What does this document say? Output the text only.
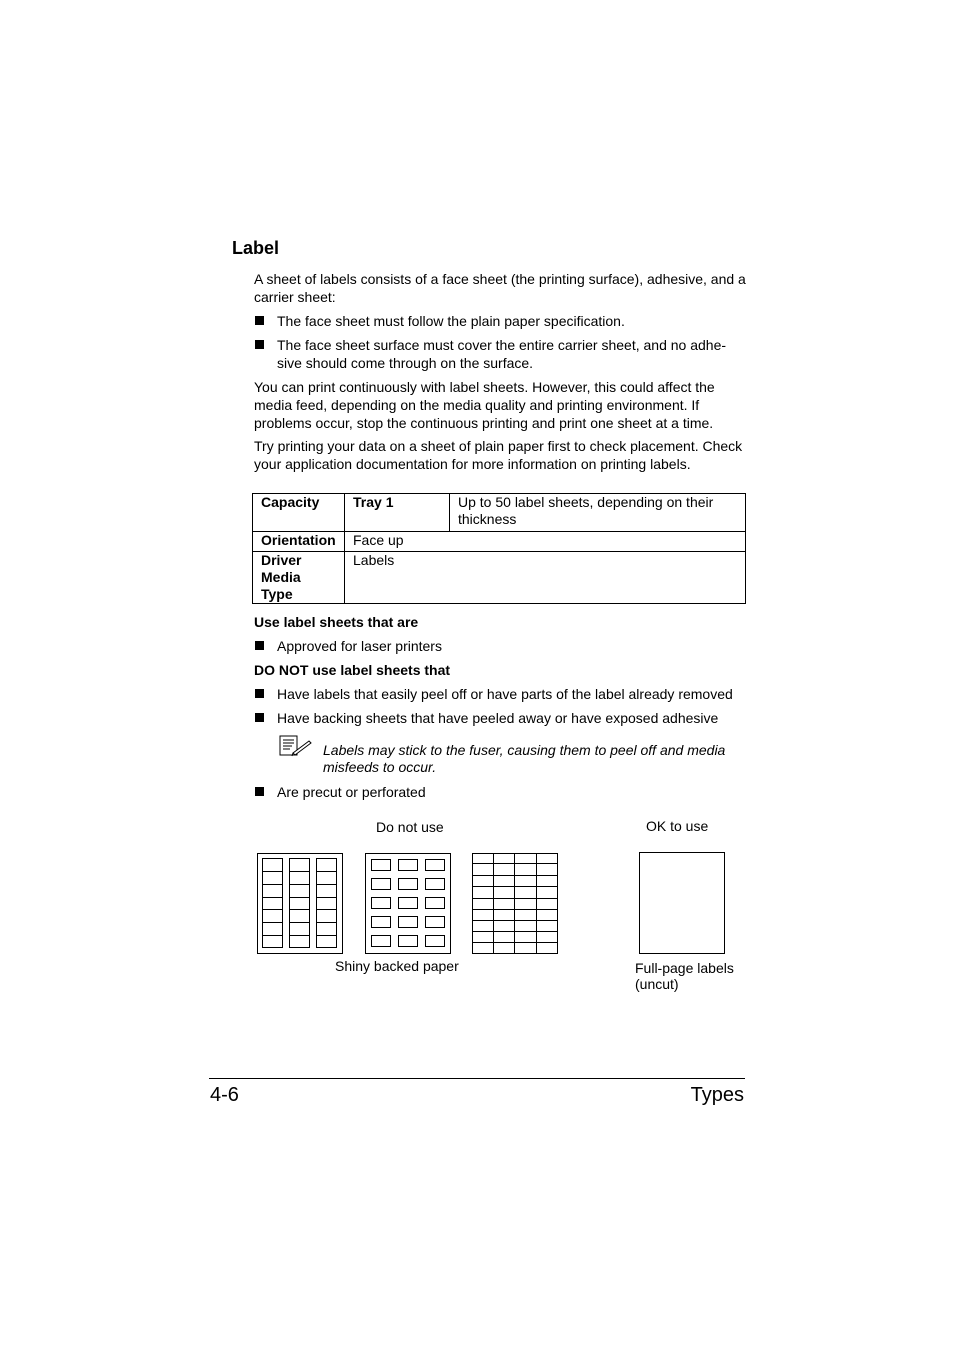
Label
A sheet of labels consists of a face sheet (the printing surface), adhesive, and a carrier sheet:
The face sheet must follow the plain paper specification.
The face sheet surface must cover the entire carrier sheet, and no adhe-sive should come through on the surface.
You can print continuously with label sheets. However, this could affect the media feed, depending on the media quality and printing environment. If problems occur, stop the continuous printing and print one sheet at a time.
Try printing your data on a sheet of plain paper first to check placement. Check your application documentation for more information on printing labels.
Capacity	Tray 1	Up to 50 label sheets, depending on their thickness
Orientation	Face up	

Driver
Media Type	Labels	
Use label sheets that are
Approved for laser printers
DO NOT use label sheets that
Have labels that easily peel off or have parts of the label already removed
Have backing sheets that have peeled away or have exposed adhesive
Labels may stick to the fuser, causing them to peel off and media misfeeds to occur.
Are precut or perforated
Do not use	OK to use
Shiny backed paper	Full-page labels
(uncut)
4-6	Types
